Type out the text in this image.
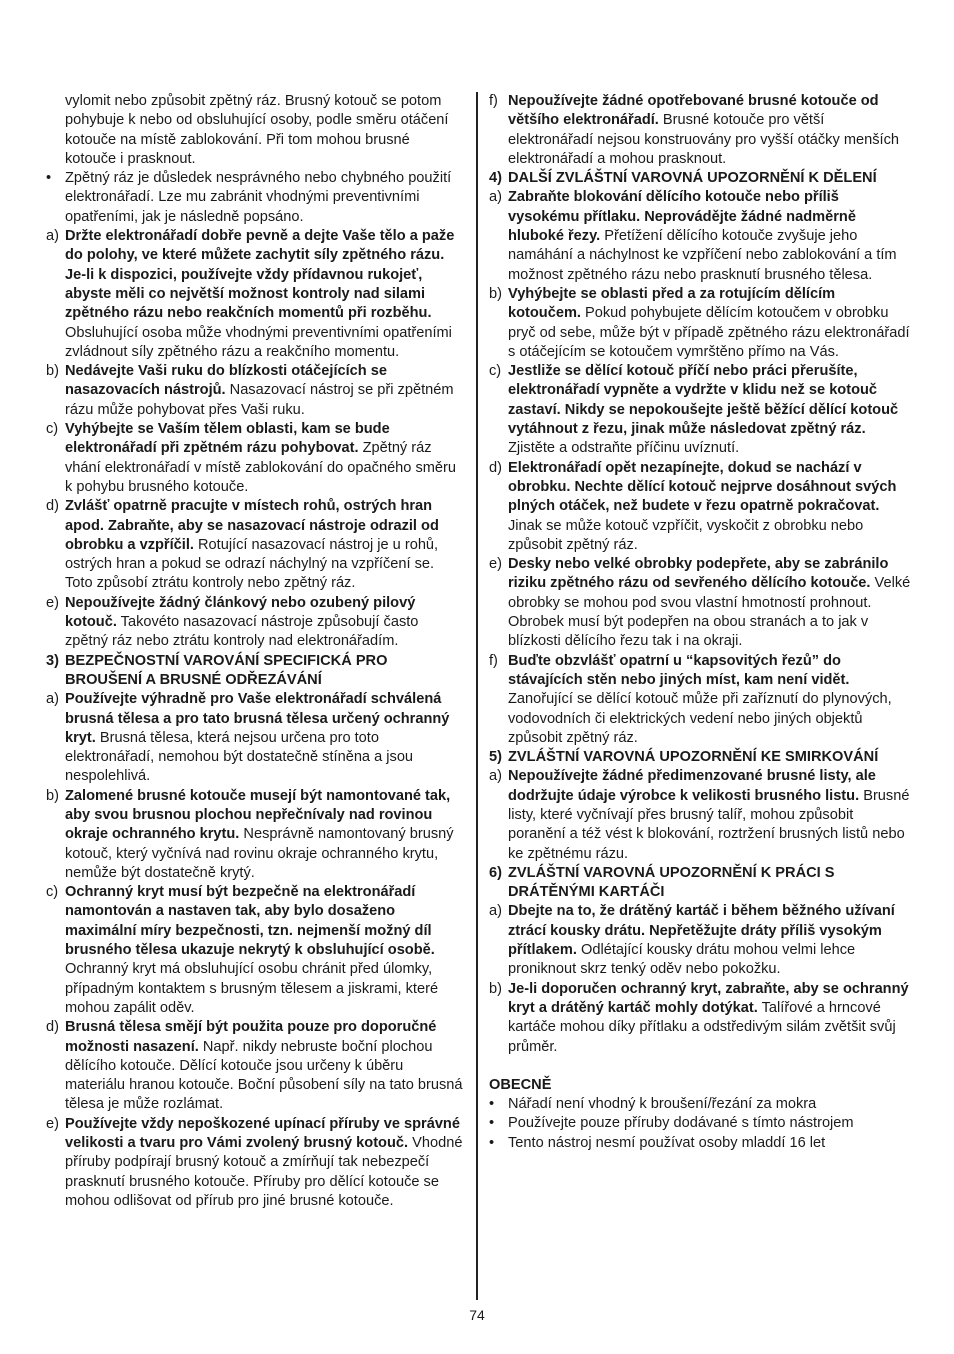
vylomit nebo způsobit zpětný ráz. Brusný kotouč se potom pohybuje k nebo od obsluhující osoby, podle směru otáčení kotouče na místě zablokování. Při tom mohou brusné kotouče i prasknout.
• Zpětný ráz je důsledek nesprávného nebo chybného použití elektronářadí. Lze mu zabránit vhodnými preventivními opatřeními, jak je následně popsáno.
a) Držte elektronářadí dobře pevně a dejte Vaše tělo a paže do polohy, ve které můžete zachytit síly zpětného rázu. Je-li k dispozici, používejte vždy přídavnou rukojeť, abyste měli co největší možnost kontroly nad silami zpětného rázu nebo reakčních momentů při rozběhu. Obsluhující osoba může vhodnými preventivními opatřeními zvládnout síly zpětného rázu a reakčního momentu.
b) Nedávejte Vaši ruku do blízkosti otáčejících se nasazovacích nástrojů. Nasazovací nástroj se při zpětném rázu může pohybovat přes Vaši ruku.
c) Vyhýbejte se Vaším tělem oblasti, kam se bude elektronářadí při zpětném rázu pohybovat. Zpětný ráz vhání elektronářadí v místě zablokování do opačného směru k pohybu brusného kotouče.
d) Zvlášť opatrně pracujte v místech rohů, ostrých hran apod. Zabraňte, aby se nasazovací nástroje odrazil od obrobku a vzpříčil. Rotující nasazovací nástroj je u rohů, ostrých hran a pokud se odrazí náchylný na vzpříčení se. Toto způsobí ztrátu kontroly nebo zpětný ráz.
e) Nepoužívejte žádný článkový nebo ozubený pilový kotouč. Takovéto nasazovací nástroje způsobují často zpětný ráz nebo ztrátu kontroly nad elektronářadím.
3) BEZPEČNOSTNÍ VAROVÁNÍ SPECIFICKÁ PRO BROUŠENÍ A BRUSNÉ ODŘEZÁVÁNÍ
a) Používejte výhradně pro Vaše elektronářadí schválená brusná tělesa a pro tato brusná tělesa určený ochranný kryt. Brusná tělesa, která nejsou určena pro toto elektronářadí, nemohou být dostatečně stíněna a jsou nespolehlivá.
b) Zalomené brusné kotouče musejí být namontované tak, aby svou brusnou plochou nepřečnívaly nad rovinou okraje ochranného krytu. Nesprávně namontovaný brusný kotouč, který vyčnívá nad rovinu okraje ochranného krytu, nemůže být dostatečně krytý.
c) Ochranný kryt musí být bezpečně na elektronářadí namontován a nastaven tak, aby bylo dosaženo maximální míry bezpečnosti, tzn. nejmenší možný díl brusného tělesa ukazuje nekrytý k obsluhující osobě. Ochranný kryt má obsluhující osobu chránit před úlomky, případným kontaktem s brusným tělesem a jiskrami, které mohou zapálit oděv.
d) Brusná tělesa smějí být použita pouze pro doporučné možnosti nasazení. Např. nikdy nebruste boční plochou dělícího kotouče. Dělící kotouče jsou určeny k úběru materiálu hranou kotouče. Boční působení síly na tato brusná tělesa je může rozlámat.
e) Používejte vždy nepoškozené upínací příruby ve správné velikosti a tvaru pro Vámi zvolený brusný kotouč. Vhodné příruby podpírají brusný kotouč a zmírňují tak nebezpečí prasknutí brusného kotouče. Příruby pro dělící kotouče se mohou odlišovat od přírub pro jiné brusné kotouče.
f) Nepoužívejte žádné opotřebované brusné kotouče od většího elektronářadí. Brusné kotouče pro větší elektronářadí nejsou konstruovány pro vyšší otáčky menších elektronářadí a mohou prasknout.
4) DALŠÍ ZVLÁŠTNÍ VAROVNÁ UPOZORNĚNÍ K DĚLENÍ
a) Zabraňte blokování dělícího kotouče nebo příliš vysokému přítlaku. Neprovádějte žádné nadměrně hluboké řezy. Přetížení dělícího kotouče zvyšuje jeho namáhání a náchylnost ke vzpříčení nebo zablokování a tím možnost zpětného rázu nebo prasknutí brusného tělesa.
b) Vyhýbejte se oblasti před a za rotujícím dělícím kotoučem. Pokud pohybujete dělícím kotoučem v obrobku pryč od sebe, může být v případě zpětného rázu elektronářadí s otáčejícím se kotoučem vymrštěno přímo na Vás.
c) Jestliže se dělící kotouč příčí nebo práci přerušíte, elektronářadí vypněte a vydržte v klidu než se kotouč zastaví. Nikdy se nepokoušejte ještě běžící dělící kotouč vytáhnout z řezu, jinak může následovat zpětný ráz. Zjistěte a odstraňte příčinu uvíznutí.
d) Elektronářadí opět nezapínejte, dokud se nachází v obrobku. Nechte dělící kotouč nejprve dosáhnout svých plných otáček, než budete v řezu opatrně pokračovat. Jinak se může kotouč vzpříčit, vyskočit z obrobku nebo způsobit zpětný ráz.
e) Desky nebo velké obrobky podepřete, aby se zabránilo riziku zpětného rázu od sevřeného dělícího kotouče. Velké obrobky se mohou pod svou vlastní hmotností prohnout. Obrobek musí být podepřen na obou stranách a to jak v blízkosti dělícího řezu tak i na okraji.
f) Buďte obzvlášť opatrní u “kapsovitých řezů” do stávajících stěn nebo jiných míst, kam není vidět. Zanořující se dělící kotouč může při zaříznutí do plynových, vodovodních či elektrických vedení nebo jiných objektů způsobit zpětný ráz.
5) ZVLÁŠTNÍ VAROVNÁ UPOZORNĚNÍ KE SMIRKOVÁNÍ
a) Nepoužívejte žádné předimenzované brusné listy, ale dodržujte údaje výrobce k velikosti brusného listu. Brusné listy, které vyčnívají přes brusný talíř, mohou způsobit poranění a též vést k blokování, roztržení brusných listů nebo ke zpětnému rázu.
6) ZVLÁŠTNÍ VAROVNÁ UPOZORNĚNÍ K PRÁCI S DRÁTĚNÝMI KARTÁČI
a) Dbejte na to, že drátěný kartáč i během běžného užívaní ztrácí kousky drátu. Nepřetěžujte dráty příliš vysokým přítlakem. Odlétající kousky drátu mohou velmi lehce proniknout skrz tenký oděv nebo pokožku.
b) Je-li doporučen ochranný kryt, zabraňte, aby se ochranný kryt a drátěný kartáč mohly dotýkat. Talířové a hrncové kartáče mohou díky přítlaku a odstředivým silám zvětšit svůj průměr.
OBECNĚ
• Nářadí není vhodný k broušení/řezání za mokra
• Používejte pouze příruby dodávané s tímto nástrojem
• Tento nástroj nesmí používat osoby mladdí 16 let
74
